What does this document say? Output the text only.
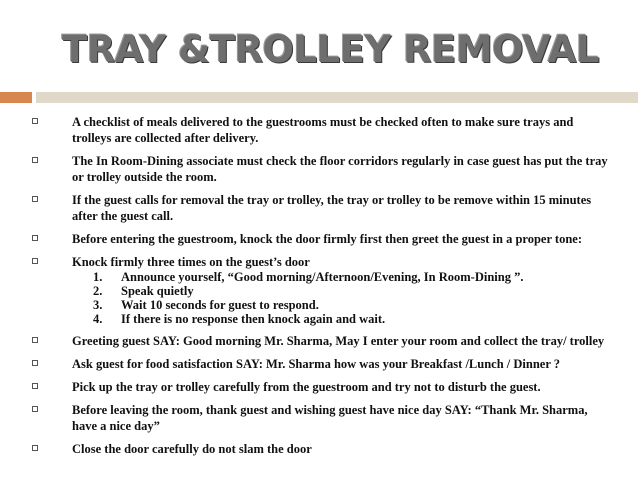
TRAY &TROLLEY REMOVAL
A checklist of meals delivered to the guestrooms must be checked often to make sure trays and trolleys are collected after delivery.
The In Room-Dining associate must check the floor corridors regularly in case guest has put the tray or trolley outside the room.
If the guest calls for removal the tray or trolley, the tray or trolley to be remove within 15 minutes after the guest call.
Before entering the guestroom, knock the door firmly first then greet the guest in a proper tone:
Knock firmly three times on the guest’s door
1. Announce yourself, “Good morning/Afternoon/Evening, In Room-Dining ”.
2. Speak quietly
3. Wait 10 seconds for guest to respond.
4. If there is no response then knock again and wait.
Greeting guest SAY: Good morning Mr. Sharma, May I enter your room and collect the tray/ trolley
Ask guest for food satisfaction SAY: Mr. Sharma how was your Breakfast /Lunch / Dinner ?
Pick up the tray or trolley carefully from the guestroom and try not to disturb the guest.
Before leaving the room, thank guest and wishing guest have nice day SAY: “Thank Mr. Sharma, have a nice day”
Close the door carefully do not slam the door
